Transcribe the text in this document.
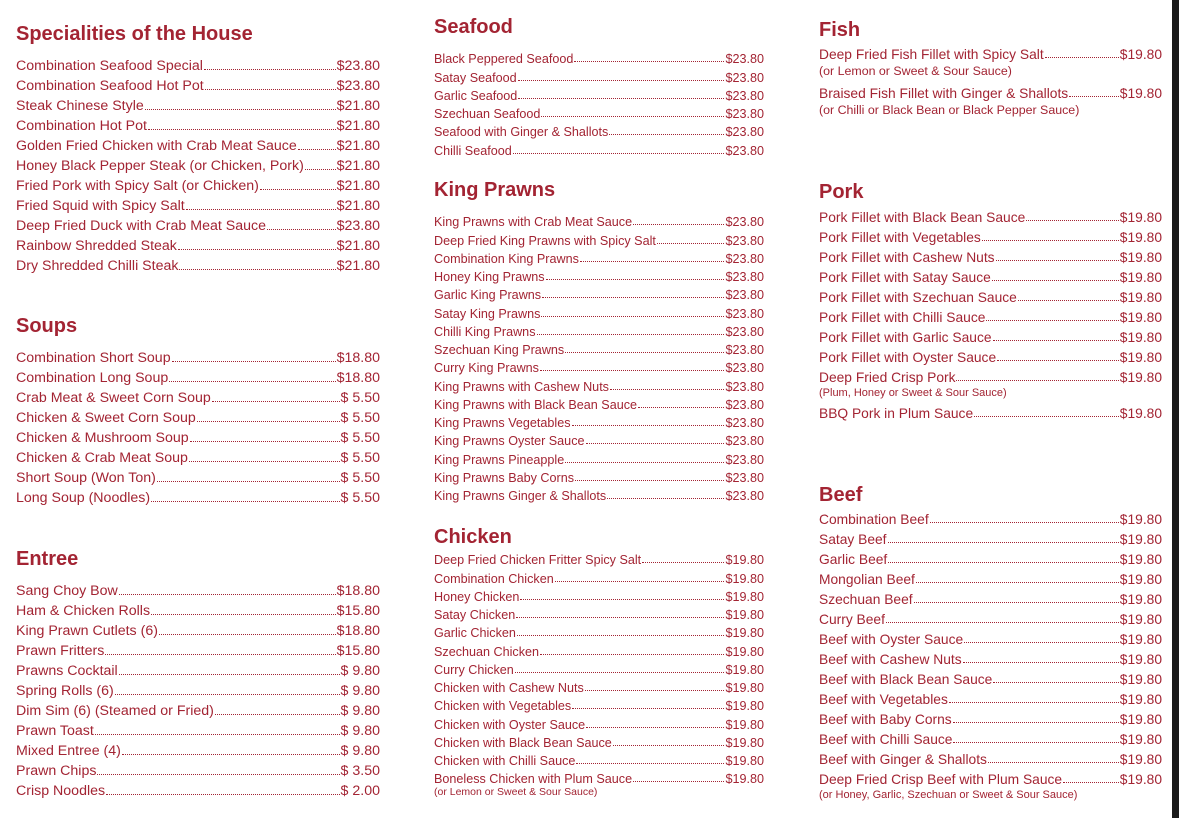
Specialities of the House
Combination Seafood Special	$23.80
Combination Seafood Hot Pot	$23.80
Steak Chinese Style	$21.80
Combination Hot Pot	$21.80
Golden Fried Chicken with Crab Meat Sauce	$21.80
Honey Black Pepper Steak (or Chicken, Pork) $21.80
Fried Pork with Spicy Salt (or Chicken)	$21.80
Fried Squid with Spicy Salt	$21.80
Deep Fried Duck with Crab Meat Sauce	$23.80
Rainbow Shredded Steak	$21.80
Dry Shredded Chilli Steak	$21.80
Soups
Combination Short Soup	$18.80
Combination Long Soup	$18.80
Crab Meat & Sweet Corn Soup	$ 5.50
Chicken & Sweet Corn Soup	$ 5.50
Chicken & Mushroom Soup	$ 5.50
Chicken & Crab Meat Soup	$ 5.50
Short Soup (Won Ton)	$ 5.50
Long Soup (Noodles)	$ 5.50
Entree
Sang Choy Bow	$18.80
Ham & Chicken Rolls	$15.80
King Prawn Cutlets (6)	$18.80
Prawn Fritters	$15.80
Prawns Cocktail	$ 9.80
Spring Rolls (6)	$ 9.80
Dim Sim (6) (Steamed or Fried)	$ 9.80
Prawn Toast	$ 9.80
Mixed Entree (4)	$ 9.80
Prawn Chips	$ 3.50
Crisp Noodles	$ 2.00
Seafood
Black Peppered Seafood	$23.80
Satay Seafood	$23.80
Garlic Seafood	$23.80
Szechuan Seafood	$23.80
Seafood with Ginger & Shallots	$23.80
Chilli Seafood	$23.80
King Prawns
King Prawns with Crab Meat Sauce	$23.80
Deep Fried King Prawns with Spicy Salt	$23.80
Combination King Prawns	$23.80
Honey King Prawns	$23.80
Garlic King Prawns	$23.80
Satay King Prawns	$23.80
Chilli King Prawns	$23.80
Szechuan King Prawns	$23.80
Curry King Prawns	$23.80
King Prawns with Cashew Nuts	$23.80
King Prawns with Black Bean Sauce	$23.80
King Prawns Vegetables	$23.80
King Prawns Oyster Sauce	$23.80
King Prawns Pineapple	$23.80
King Prawns Baby Corns	$23.80
King Prawns Ginger & Shallots	$23.80
Chicken
Deep Fried Chicken Fritter Spicy Salt	$19.80
Combination Chicken	$19.80
Honey Chicken	$19.80
Satay Chicken	$19.80
Garlic Chicken	$19.80
Szechuan Chicken	$19.80
Curry Chicken	$19.80
Chicken with Cashew Nuts	$19.80
Chicken with Vegetables	$19.80
Chicken with Oyster Sauce	$19.80
Chicken with Black Bean Sauce	$19.80
Chicken with Chilli Sauce	$19.80
Boneless Chicken with Plum Sauce	$19.80
(or Lemon or Sweet & Sour Sauce)
Fish
Deep Fried Fish Fillet with Spicy Salt	$19.80
(or Lemon or Sweet & Sour Sauce)
Braised Fish Fillet with Ginger & Shallots	$19.80
(or Chilli or Black Bean or Black Pepper Sauce)
Pork
Pork Fillet with Black Bean Sauce	$19.80
Pork Fillet with Vegetables	$19.80
Pork Fillet with Cashew Nuts	$19.80
Pork Fillet with Satay Sauce	$19.80
Pork Fillet with Szechuan Sauce	$19.80
Pork Fillet with Chilli Sauce	$19.80
Pork Fillet with Garlic Sauce	$19.80
Pork Fillet with Oyster Sauce	$19.80
Deep Fried Crisp Pork	$19.80
(Plum, Honey or Sweet & Sour Sauce)
BBQ Pork in Plum Sauce	$19.80
Beef
Combination Beef	$19.80
Satay Beef	$19.80
Garlic Beef	$19.80
Mongolian Beef	$19.80
Szechuan Beef	$19.80
Curry Beef	$19.80
Beef with Oyster Sauce	$19.80
Beef with Cashew Nuts	$19.80
Beef with Black Bean Sauce	$19.80
Beef with Vegetables	$19.80
Beef with Baby Corns	$19.80
Beef with Chilli Sauce	$19.80
Beef with Ginger & Shallots	$19.80
Deep Fried Crisp Beef with Plum Sauce	$19.80
(or Honey, Garlic, Szechuan or Sweet & Sour Sauce)
